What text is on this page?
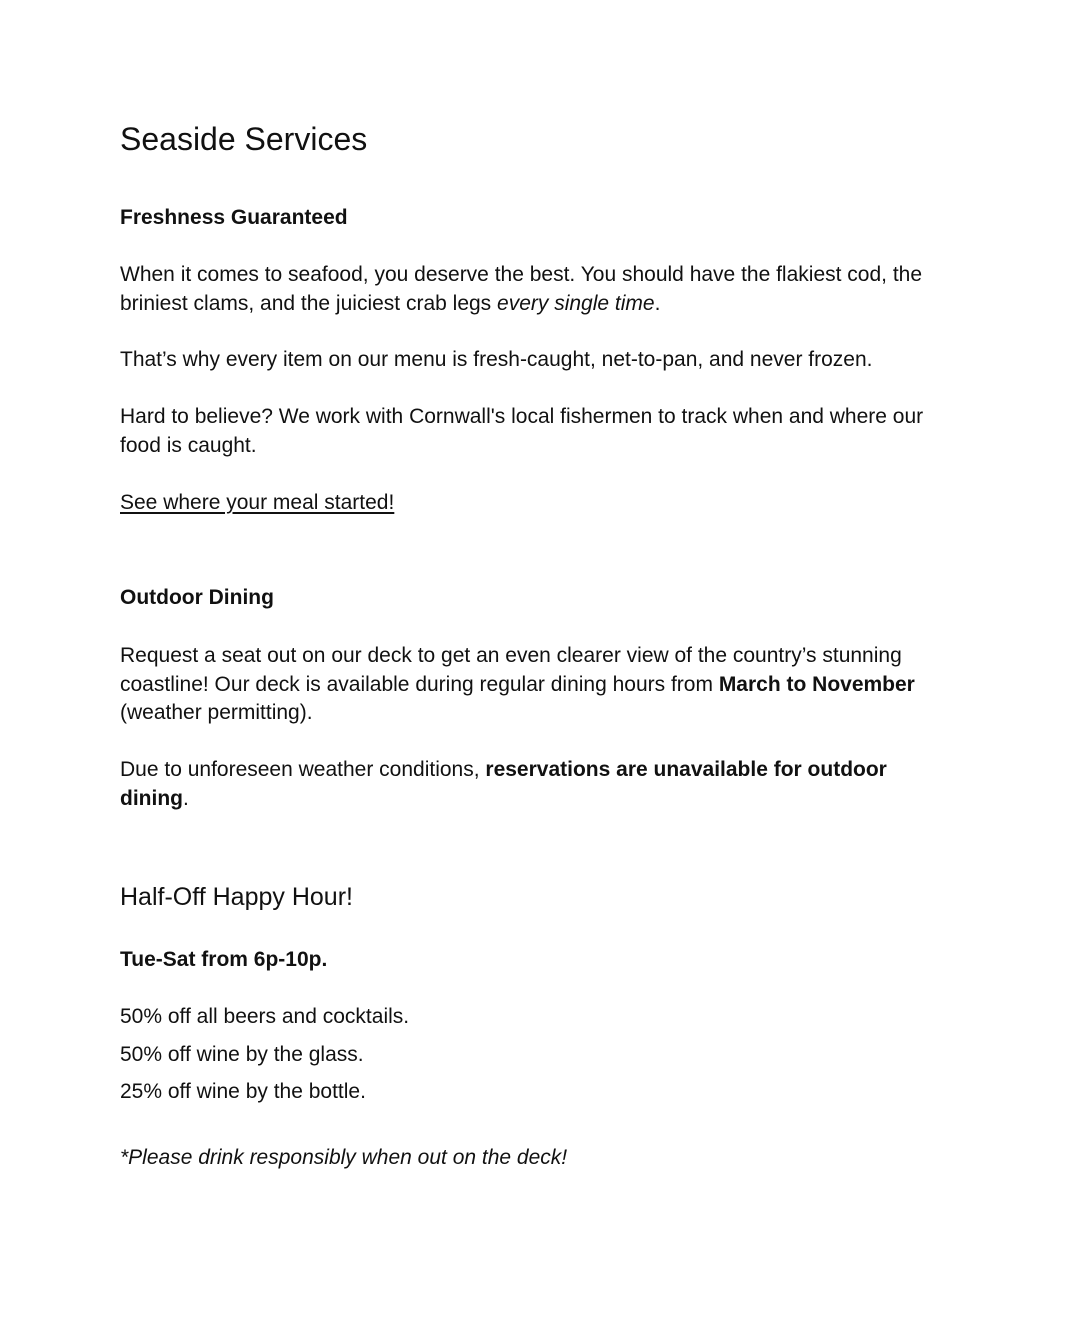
Seaside Services
Freshness Guaranteed

When it comes to seafood, you deserve the best. You should have the flakiest cod, the
briniest clams, and the juiciest crab legs every single time.

That’s why every item on our menu is fresh-caught, net-to-pan, and never frozen.

Hard to believe? We work with Cornwall's local fishermen to track when and where our
food is caught.

See where your meal started!

Outdoor Dining

Request a seat out on our deck to get an even clearer view of the country’s stunning
coastline! Our deck is available during regular dining hours from March to November
(weather permitting).

Due to unforeseen weather conditions, reservations are unavailable for outdoor
dining.

Half-Off Happy Hour!
Tue-Sat from 6p-10p.

50% off all beers and cocktails.

50% off wine by the glass.

25% off wine by the bottle.

*Please drink responsibly when out on the deck!
